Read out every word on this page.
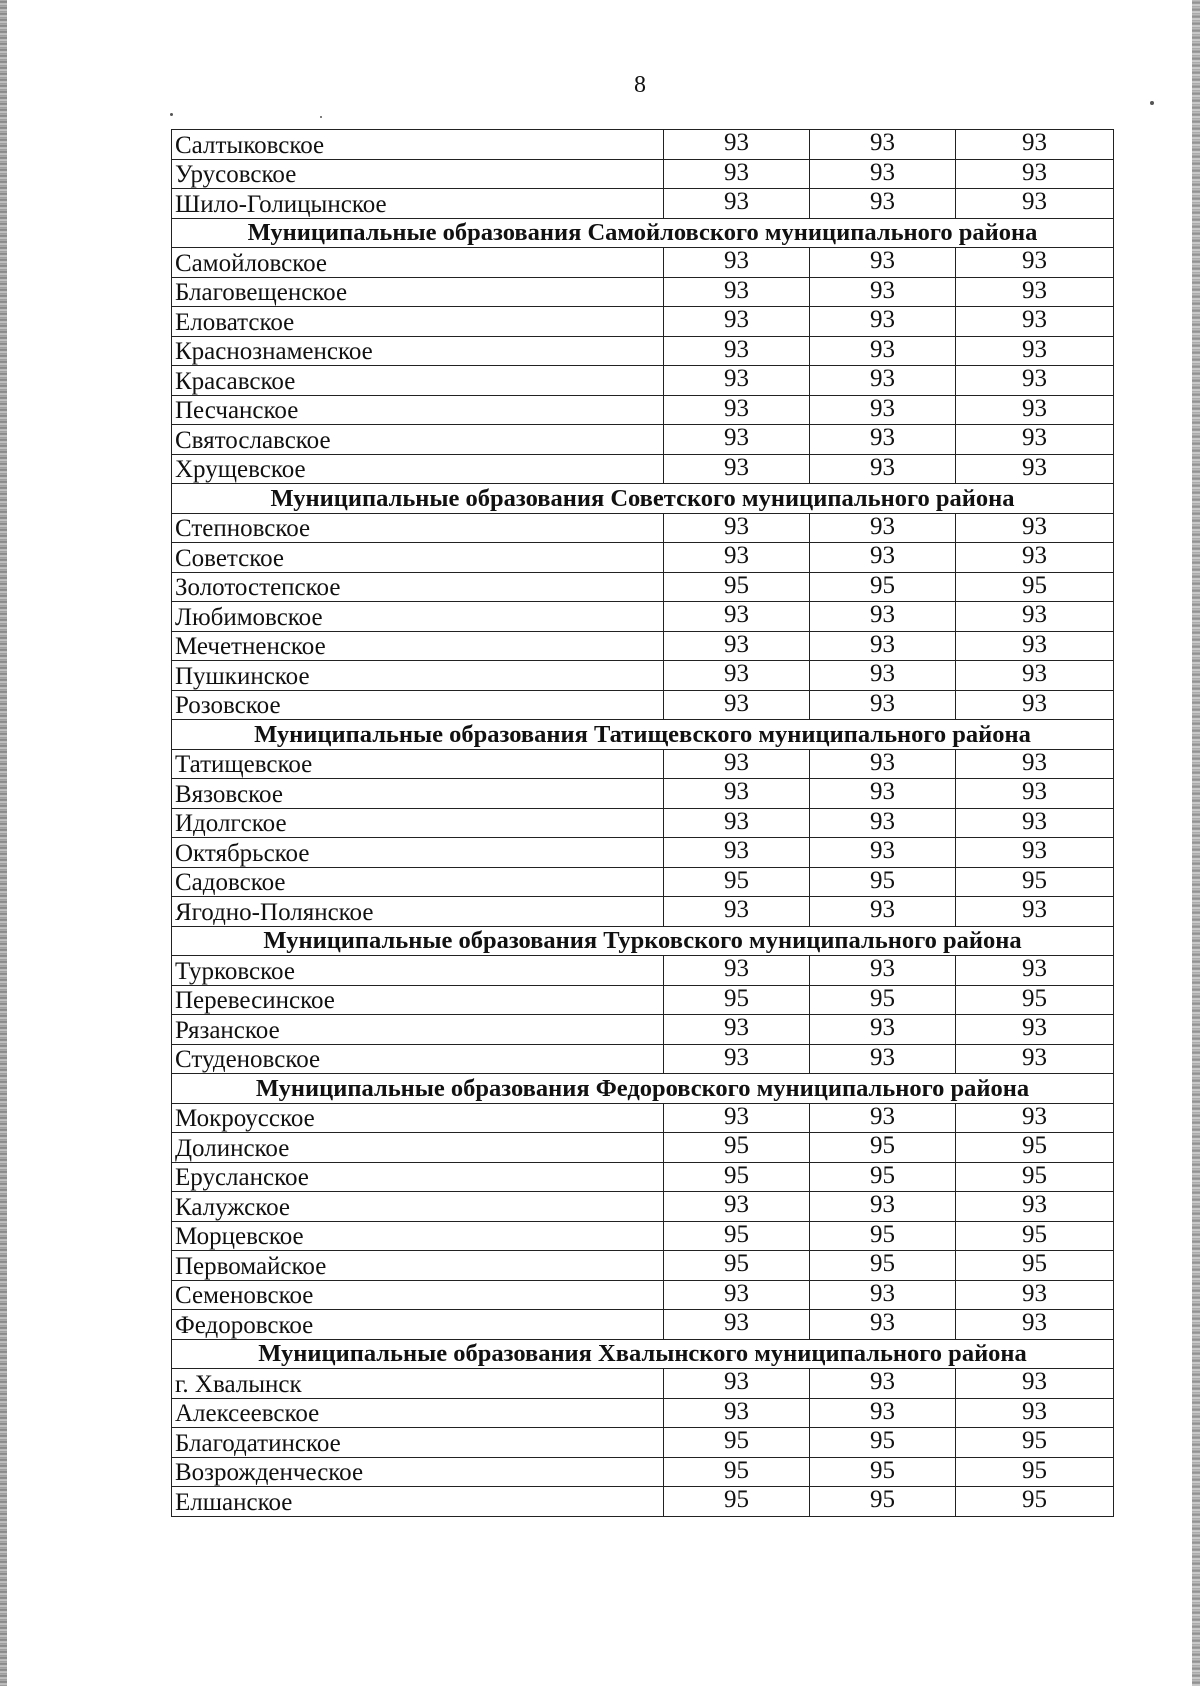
8
Салтыковское	93	93	93
Урусовское	93	93	93
Шило-Голицынское	93	93	93
Муниципальные образования Самойловского муниципального района			
Самойловское	93	93	93
Благовещенское	93	93	93
Еловатское	93	93	93
Краснознаменское	93	93	93
Красавское	93	93	93
Песчанское	93	93	93
Святославское	93	93	93
Хрущевское	93	93	93
Муниципальные образования Советского муниципального района			
Степновское	93	93	93
Советское	93	93	93
Золотостепское	95	95	95
Любимовское	93	93	93
Мечетненское	93	93	93
Пушкинское	93	93	93
Розовское	93	93	93
Муниципальные образования Татищевского муниципального района			
Татищевское	93	93	93
Вязовское	93	93	93
Идолгское	93	93	93
Октябрьское	93	93	93
Садовское	95	95	95
Ягодно-Полянское	93	93	93
Муниципальные образования Турковского муниципального района			
Турковское	93	93	93
Перевесинское	95	95	95
Рязанское	93	93	93
Студеновское	93	93	93
Муниципальные образования Федоровского муниципального района			
Мокроусское	93	93	93
Долинское	95	95	95
Ерусланское	95	95	95
Калужское	93	93	93
Морцевское	95	95	95
Первомайское	95	95	95
Семеновское	93	93	93
Федоровское	93	93	93
Муниципальные образования Хвалынского муниципального района			
г. Хвалынск	93	93	93
Алексеевское	93	93	93
Благодатинское	95	95	95
Возрожденческое	95	95	95
Елшанское	95	95	95
